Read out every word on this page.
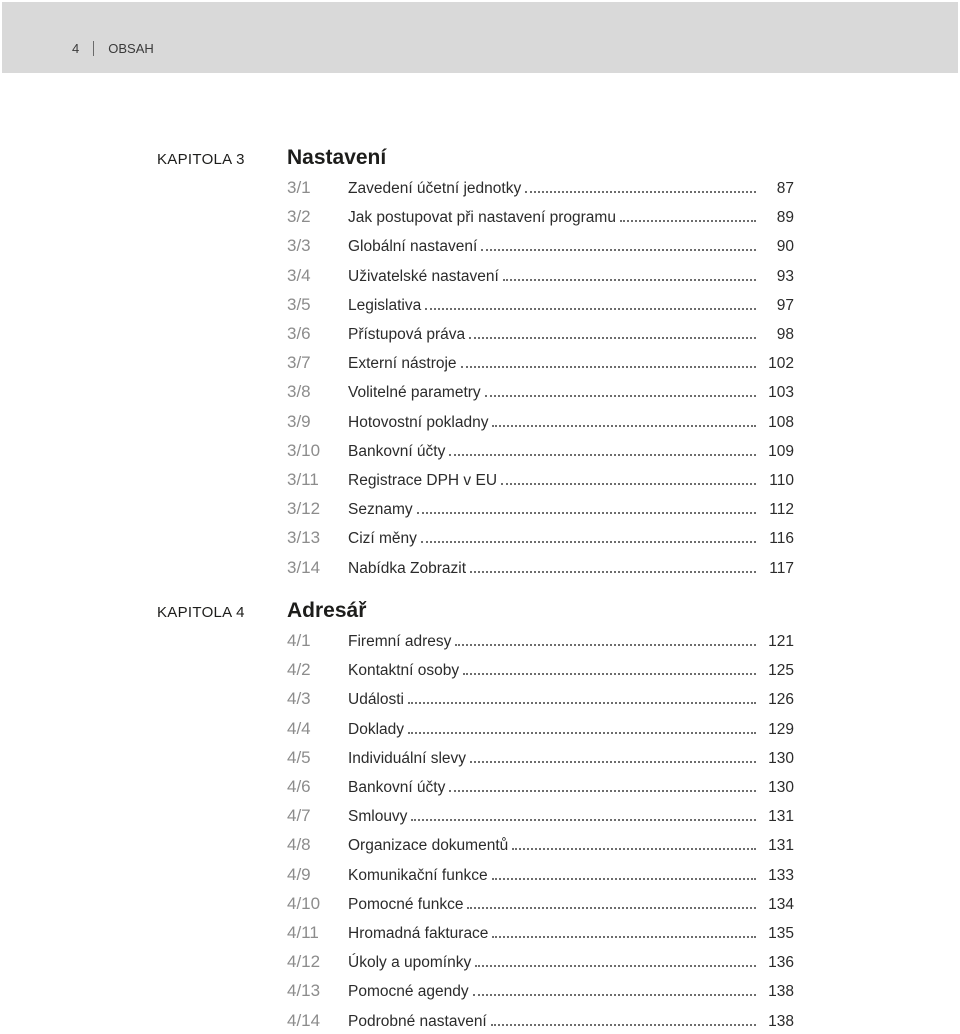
4 OBSAH
KAPITOLA 3 Nastavení
3/1 Zavedení účetní jednotky	87
3/2 Jak postupovat při nastavení programu	89
3/3 Globální nastavení	90
3/4 Uživatelské nastavení	93
3/5 Legislativa	97
3/6 Přístupová práva	98
3/7 Externí nástroje	102
3/8 Volitelné parametry	103
3/9 Hotovostní pokladny	108
3/10 Bankovní účty	109
3/11 Registrace DPH v EU	110
3/12 Seznamy	112
3/13 Cizí měny	116
3/14 Nabídka Zobrazit	117
KAPITOLA 4 Adresář
4/1 Firemní adresy	121
4/2 Kontaktní osoby	125
4/3 Události	126
4/4 Doklady	129
4/5 Individuální slevy	130
4/6 Bankovní účty	130
4/7 Smlouvy	131
4/8 Organizace dokumentů	131
4/9 Komunikační funkce	133
4/10 Pomocné funkce	134
4/11 Hromadná fakturace	135
4/12 Úkoly a upomínky	136
4/13 Pomocné agendy	138
4/14 Podrobné nastavení	138
